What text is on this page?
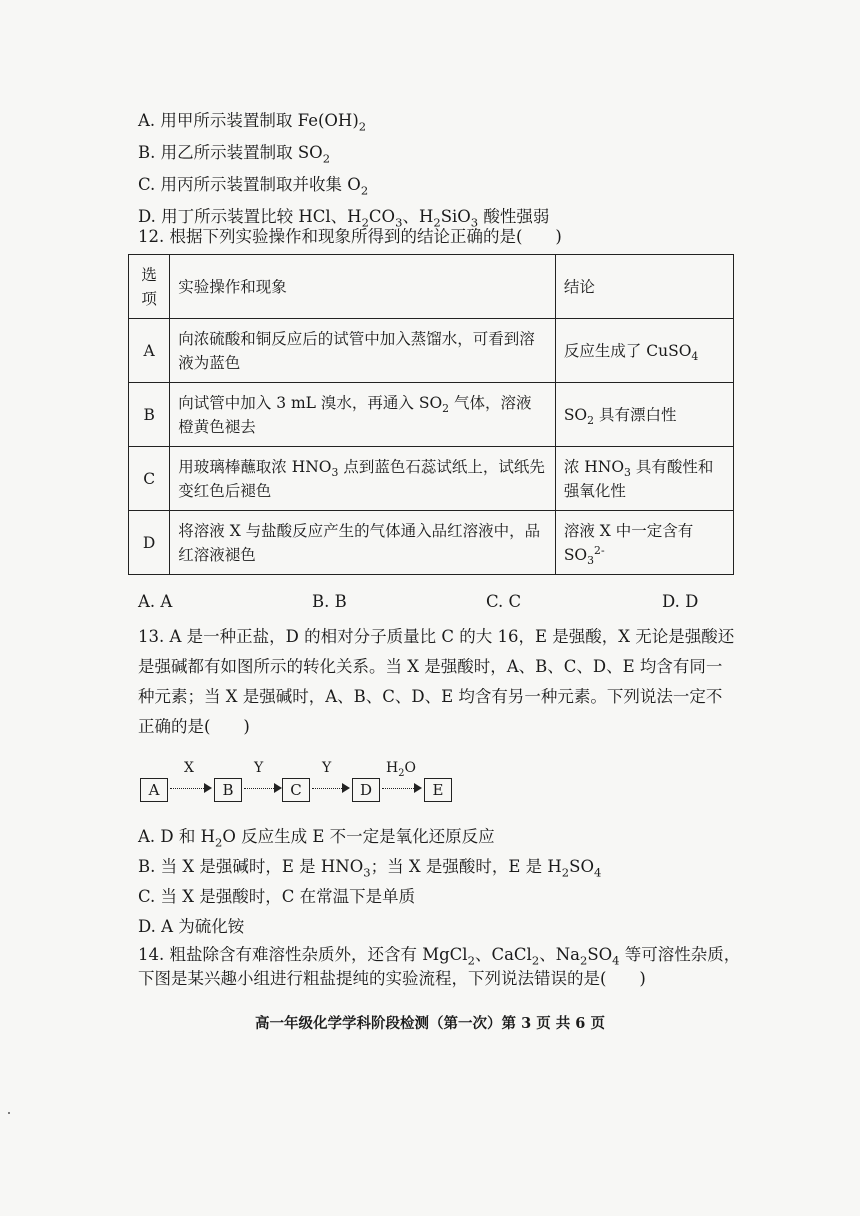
A. 用甲所示装置制取 $Fe(OH)_2$
B. 用乙所示装置制取 $SO_2$
C. 用丙所示装置制取并收集 $O_2$
D. 用丁所示装置比较 HCl、$H_2CO_3$、$H_2SiO_3$ 酸性强弱
12. 根据下列实验操作和现象所得到的结论正确的是(　　)
选项	实验操作和现象	结论
A	向浓硫酸和铜反应后的试管中加入蒸馏水，可看到溶液为蓝色	反应生成了 CuSO$_4$
B	向试管中加入 3 mL 溴水，再通入 $SO_2$ 气体，溶液橙黄色褪去	$SO_2$ 具有漂白性
C	用玻璃棒蘸取浓 $HNO_3$ 点到蓝色石蕊试纸上，试纸先变红色后褪色	浓 $HNO_3$ 具有酸性和强氧化性
D	将溶液 X 与盐酸反应产生的气体通入品红溶液中，品红溶液褪色	溶液 X 中一定含有 $SO_3^{2-}$
A. A	B. B	C. C	D. D
13. A 是一种正盐，D 的相对分子质量比 C 的大 16，E 是强酸，X 无论是强酸还是强碱都有如图所示的转化关系。当 X 是强酸时，A、B、C、D、E 均含有同一种元素；当 X 是强碱时，A、B、C、D、E 均含有另一种元素。下列说法一定不正确的是(　　)
A
X
B
Y
C
Y
D
$H_2O$
E
A. D 和 $H_2O$ 反应生成 E 不一定是氧化还原反应
B. 当 X 是强碱时，E 是 $HNO_3$；当 X 是强酸时，E 是 $H_2SO_4$
C. 当 X 是强酸时，C 在常温下是单质
D. A 为硫化铵
14. 粗盐除含有难溶性杂质外，还含有 MgCl$_2$、CaCl$_2$、$Na_2SO_4$ 等可溶性杂质，
下图是某兴趣小组进行粗盐提纯的实验流程，下列说法错误的是(　　)
高一年级化学学科阶段检测（第一次）第 3 页 共 6 页
